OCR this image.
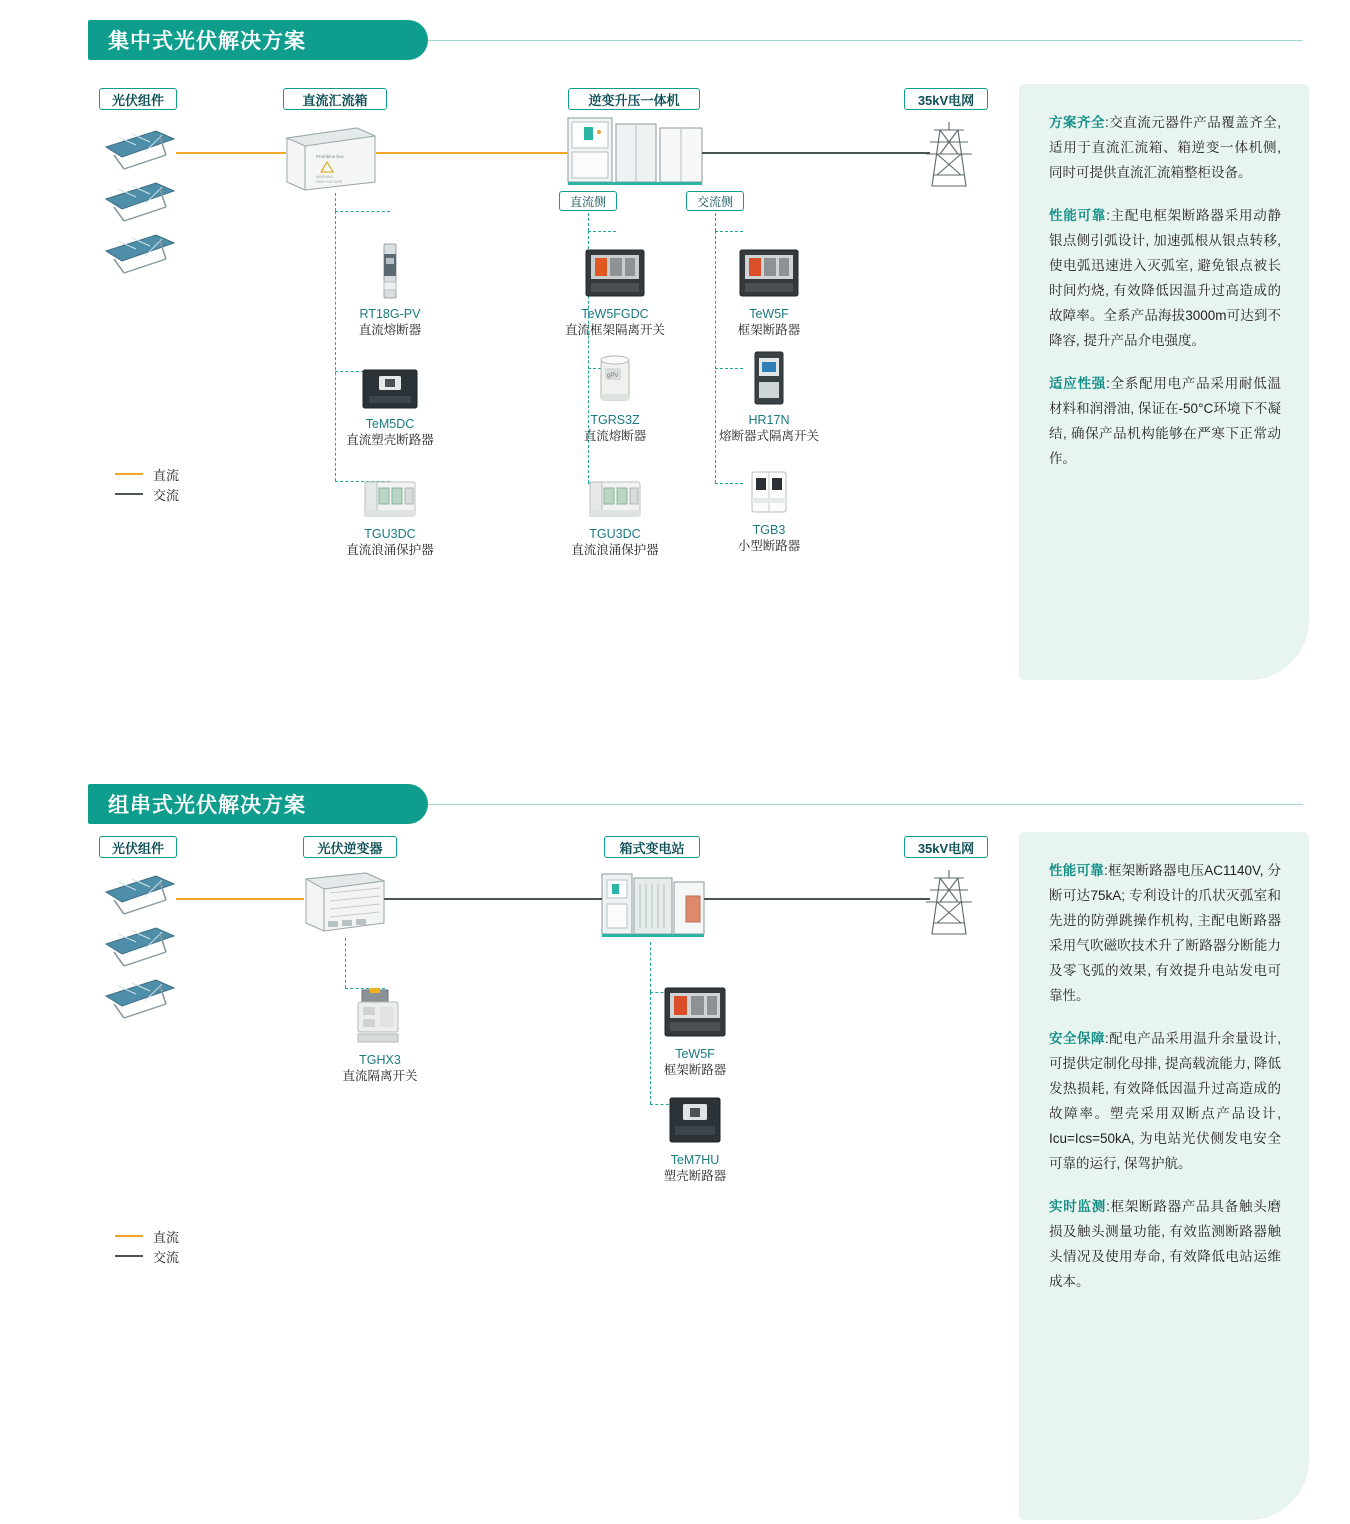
集中式光伏解决方案
光伏组件	直流汇流箱	逆变升压一体机	35kV电网
直流侧	交流侧
Prombine box
!
WARNING
HIGH VOLTAGE
RT18G-PV
直流熔断器
TeM5DC
直流塑壳断路器
TGU3DC
直流浪涌保护器
TeW5FGDC
直流框架隔离开关
gPV
TGRS3Z
直流熔断器
TGU3DC
直流浪涌保护器
TeW5F
框架断路器
HR17N
熔断器式隔离开关
TGB3
小型断路器
直流
交流

方案齐全:交直流元器件产品覆盖齐全, 适用于直流汇流箱、箱逆变一体机侧, 同时可提供直流汇流箱整柜设备。

性能可靠:主配电框架断路器采用动静银点侧引弧设计, 加速弧根从银点转移, 使电弧迅速进入灭弧室, 避免银点被长时间灼烧, 有效降低因温升过高造成的故障率。全系产品海拔3000m可达到不降容, 提升产品介电强度。

适应性强:全系配用电产品采用耐低温材料和润滑油, 保证在-50°C环境下不凝结, 确保产品机构能够在严寒下正常动作。

组串式光伏解决方案
光伏组件	光伏逆变器	箱式变电站	35kV电网
TGHX3
直流隔离开关
TeW5F
框架断路器
TeM7HU
塑壳断路器
直流
交流

性能可靠:框架断路器电压AC1140V, 分断可达75kA; 专利设计的爪状灭弧室和先进的防弹跳操作机构, 主配电断路器采用气吹磁吹技术升了断路器分断能力及零飞弧的效果, 有效提升电站发电可靠性。

安全保障:配电产品采用温升余量设计, 可提供定制化母排, 提高载流能力, 降低发热损耗, 有效降低因温升过高造成的故障率。塑壳采用双断点产品设计, Icu=Ics=50kA, 为电站光伏侧发电安全可靠的运行, 保驾护航。

实时监测:框架断路器产品具备触头磨损及触头测量功能, 有效监测断路器触头情况及使用寿命, 有效降低电站运维成本。
